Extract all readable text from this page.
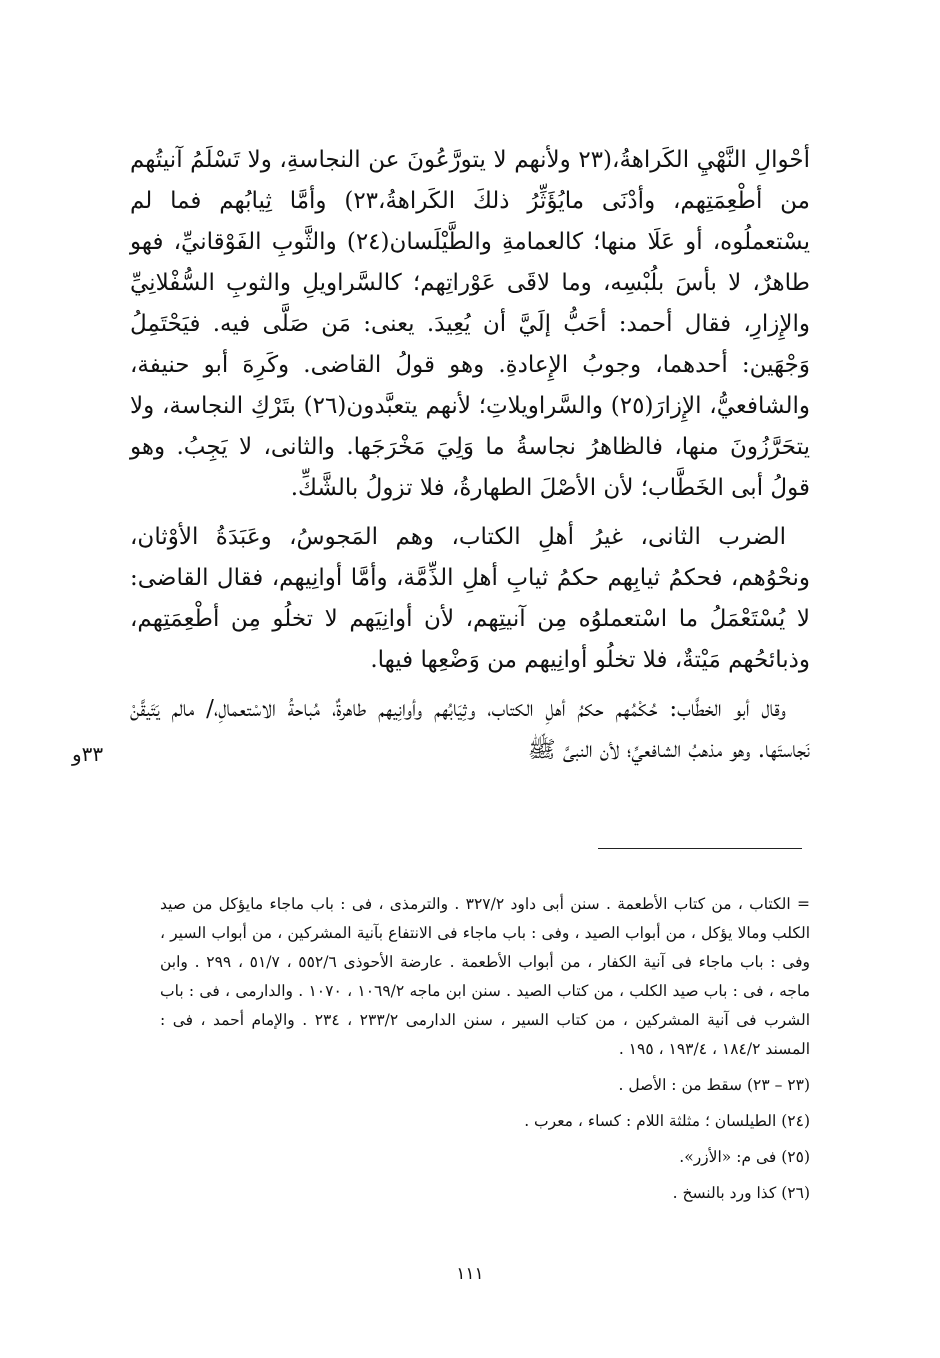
أحْوالِ النَّهْيِ الكَراهةُ،(٢٣ ولأنهم لا يتورَّعُونَ عن النجاسةِ، ولا تَسْلَمُ آنيتُهم من أطْعِمَتِهم، وأدْنَى مايُؤَثِّرُ ذلكَ الكَراهةُ،٢٣) وأمَّا ثِيابُهم فما لم يسْتعملُوه، أو عَلَا منها؛ كالعمامةِ والطَّيْلَسان(٢٤) والثَّوبِ الفَوْقانيِّ، فهو طاهرٌ، لا بأسَ بلُبْسِه، وما لاقَى عَوْراتِهم؛ كالسَّراويلِ والثوبِ السُّفْلانِيِّ والإِزارِ، فقال أحمد: أحَبُّ إلَيَّ أن يُعِيدَ. يعنى: مَن صَلَّى فيه. فيَحْتَمِلُ وَجْهَين: أحدهما، وجوبُ الإِعادةِ. وهو قولُ القاضى. وكَرِهَ أبو حنيفة، والشافعيُّ، الإِزارَ(٢٥) والسَّراويلاتِ؛ لأنهم يتعبَّدون(٢٦) بتَرْكِ النجاسة، ولا يتحَرَّزُونَ منها، فالظاهرُ نجاسةُ ما وَلِيَ مَخْرَجَها. والثانى، لا يَجِبُ. وهو قولُ أبى الخَطَّاب؛ لأن الأصْلَ الطهارةُ، فلا تزولُ بالشَّكِّ.

الضرب الثانى، غيرُ أهلِ الكتاب، وهم المَجوسُ، وعَبَدَةُ الأوْثان، ونحْوُهم، فحكمُ ثيابِهم حكمُ ثيابِ أهلِ الذِّمَّة، وأمَّا أوانِيهم، فقال القاضى: لا يُسْتَعْمَلُ ما اسْتعملوُه مِن آنيتِهم، لأن أوانِيَهم لا تخلُو مِن أطْعِمَتِهم، وذبائحُهم مَيْتةٌ، فلا تخلُو أوانِيهم من وَضْعِها فيها.

وقال أبو الخطَّاب: حُكْمُهم حكمُ أهلِ الكتاب، وثِيَابُهم وأوانِيهم طاهرةٌ، مُباحةُ الاسْتعمالِ،/ مالم يَتَيقَّنْ نَجاستَها. وهو مذهبُ الشافعيِّ؛ لأن النبىَّ ﷺ

٣٣و

= الكتاب ، من كتاب الأطعمة . سنن أبى داود ٣٢٧/٢ . والترمذى ، فى : باب ماجاء مايؤكل من صيد الكلب ومالا يؤكل ، من أبواب الصيد ، وفى : باب ماجاء فى الانتفاع بآنية المشركين ، من أبواب السير ، وفى : باب ماجاء فى آنية الكفار ، من أبواب الأطعمة . عارضة الأحوذى ٥٥٢/٦ ، ٥١/٧ ، ٢٩٩ . وابن ماجه ، فى : باب صيد الكلب ، من كتاب الصيد . سنن ابن ماجه ١٠٦٩/٢ ، ١٠٧٠ . والدارمى ، فى : باب الشرب فى آنية المشركين ، من كتاب السير ، سنن الدارمى ٢٣٣/٢ ، ٢٣٤ . والإمام أحمد ، فى : المسند ١٨٤/٢ ، ١٩٣/٤ ، ١٩٥ .

(٢٣ – ٢٣) سقط من : الأصل .

(٢٤) الطيلسان ؛ مثلثة اللام : كساء ، معرب .

(٢٥) فى م: «الأزر».

(٢٦) كذا ورد بالنسخ .

١١١
